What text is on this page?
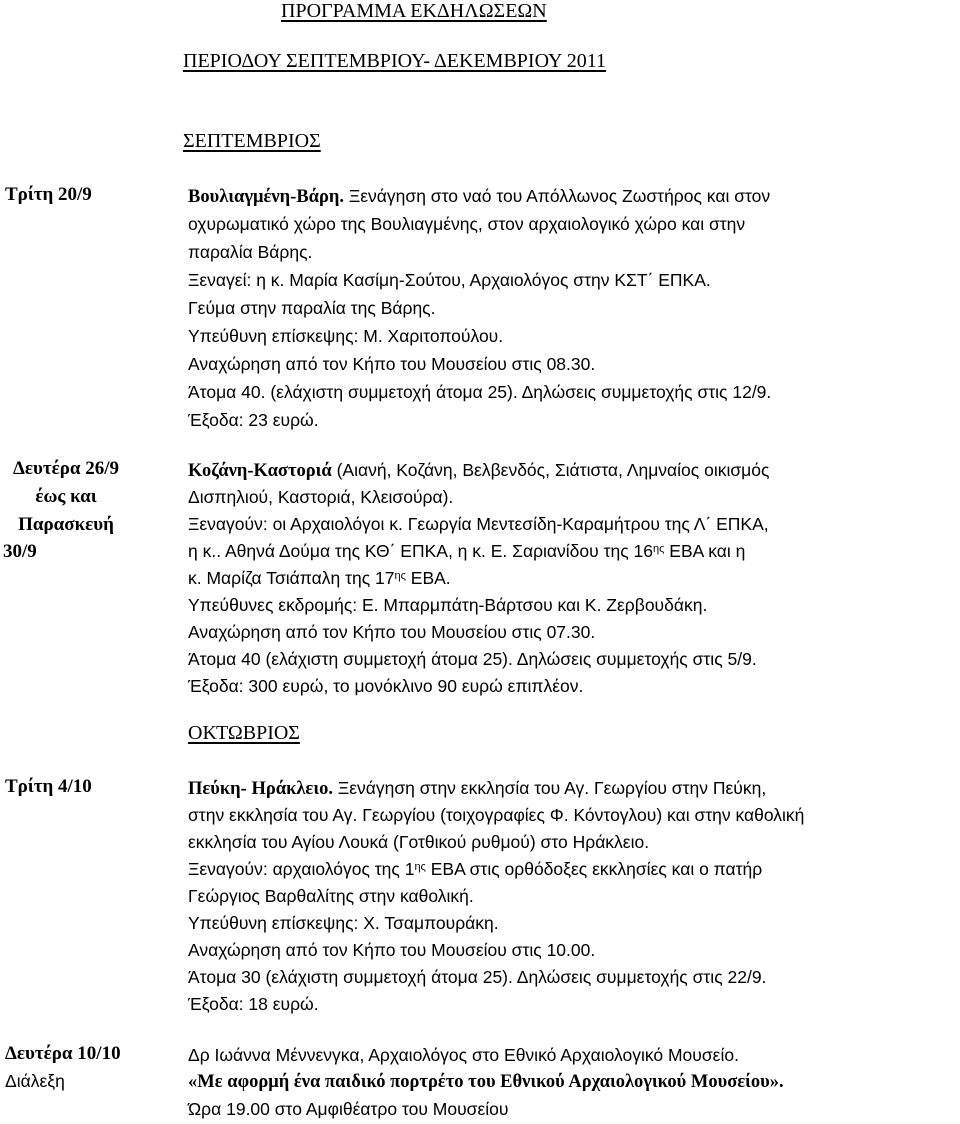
ΠΡΟΓΡΑΜΜΑ ΕΚΔΗΛΩΣΕΩΝ
ΠΕΡΙΟΔΟΥ ΣΕΠΤΕΜΒΡΙΟΥ- ΔΕΚΕΜΒΡΙΟΥ 2011
ΣΕΠΤΕΜΒΡΙΟΣ
Τρίτη 20/9	Βουλιαγμένη-Βάρη. Ξενάγηση στο ναό του Απόλλωνος Ζωστήρος και στον
οχυρωματικό χώρο της Βουλιαγμένης, στον αρχαιολογικό χώρο και στην
παραλία Βάρης.
Ξεναγεί: η κ. Μαρία Κασίμη-Σούτου, Αρχαιολόγος στην ΚΣΤ΄ ΕΠΚΑ.
Γεύμα στην παραλία της Βάρης.
Υπεύθυνη επίσκεψης: Μ. Χαριτοπούλου.
Αναχώρηση από τον Κήπο του Μουσείου στις 08.30.
Άτομα 40. (ελάχιστη συμμετοχή άτομα 25). Δηλώσεις συμμετοχής στις 12/9.
Έξοδα: 23 ευρώ.
Δευτέρα 26/9
έως και
Παρασκευή
30/9
Κοζάνη-Καστοριά (Αιανή, Κοζάνη, Βελβενδός, Σιάτιστα, Λημναίος οικισμός
Δισπηλιού, Καστοριά, Κλεισούρα).
Ξεναγούν: οι Αρχαιολόγοι κ. Γεωργία Μεντεσίδη-Καραμήτρου της Λ΄ ΕΠΚΑ,
η κ.. Αθηνά Δούμα της ΚΘ΄ ΕΠΚΑ, η κ. Ε. Σαριανίδου της $16^{\eta\varsigma}$ ΕΒΑ και η
κ. Μαρίζα Τσιάπαλη της $17^{\eta\varsigma}$ ΕΒΑ.
Υπεύθυνες εκδρομής: Ε. Μπαρμπάτη-Βάρτσου και Κ. Ζερβουδάκη.
Αναχώρηση από τον Κήπο του Μουσείου στις 07.30.
Άτομα 40 (ελάχιστη συμμετοχή άτομα 25). Δηλώσεις συμμετοχής στις 5/9.
Έξοδα: 300 ευρώ, το μονόκλινο 90 ευρώ επιπλέον.
ΟΚΤΩΒΡΙΟΣ
Τρίτη 4/10	Πεύκη- Ηράκλειο. Ξενάγηση στην εκκλησία του Αγ. Γεωργίου στην Πεύκη,
στην εκκλησία του Αγ. Γεωργίου (τοιχογραφίες Φ. Κόντογλου) και στην καθολική
εκκλησία του Αγίου Λουκά (Γοτθικού ρυθμού) στο Ηράκλειο.
Ξεναγούν: αρχαιολόγος της $1^{\eta\varsigma}$ ΕΒΑ στις ορθόδοξες εκκλησίες και ο πατήρ
Γεώργιος Βαρθαλίτης στην καθολική.
Υπεύθυνη επίσκεψης: Χ. Τσαμπουράκη.
Αναχώρηση από τον Κήπο του Μουσείου στις 10.00.
Άτομα 30 (ελάχιστη συμμετοχή άτομα 25). Δηλώσεις συμμετοχής στις 22/9.
Έξοδα: 18 ευρώ.
Δευτέρα 10/10
Διάλεξη
Δρ Ιωάννα Μέννενγκα, Αρχαιολόγος στο Εθνικό Αρχαιολογικό Μουσείο.
«Με αφορμή ένα παιδικό πορτρέτο του Εθνικού Αρχαιολογικού Μουσείου».
Ώρα 19.00 στο Αμφιθέατρο του Μουσείου
